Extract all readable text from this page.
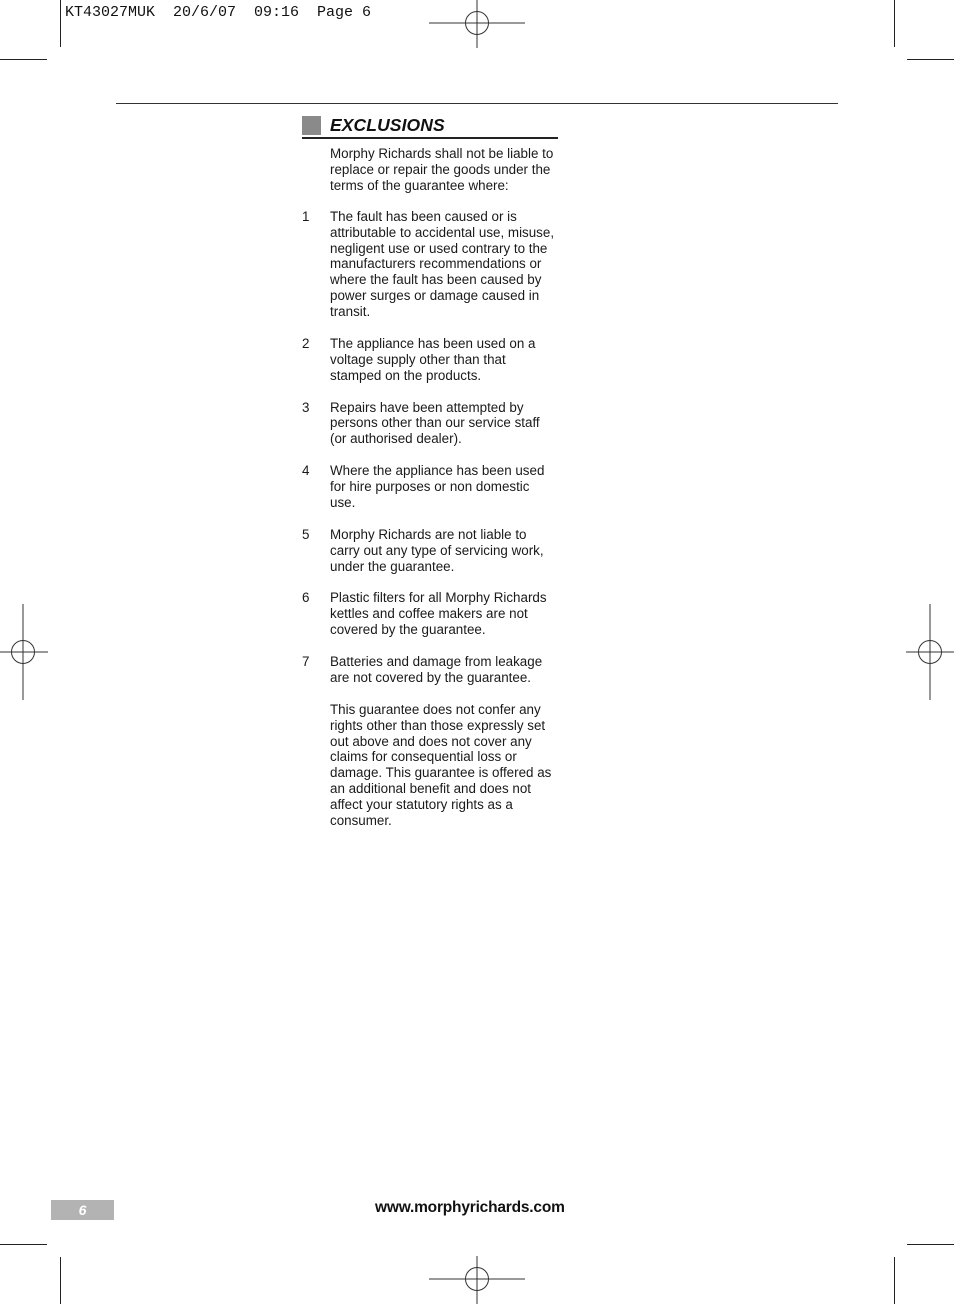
KT43027MUK  20/6/07  09:16  Page 6
EXCLUSIONS
Morphy Richards shall not be liable to replace or repair the goods under the terms of the guarantee where:
1	The fault has been caused or is attributable to accidental use, misuse, negligent use or used contrary to the manufacturers recommendations or where the fault has been caused by power surges or damage caused in transit.
2	The appliance has been used on a voltage supply other than that stamped on the products.
3	Repairs have been attempted by persons other than our service staff (or authorised dealer).
4	Where the appliance has been used for hire purposes or non domestic use.
5	Morphy Richards are not liable to carry out any type of servicing work, under the guarantee.
6	Plastic filters for all Morphy Richards kettles and coffee makers are not covered by the guarantee.
7	Batteries and damage from leakage are not covered by the guarantee.
This guarantee does not confer any rights other than those expressly set out above and does not cover any claims for consequential loss or damage. This guarantee is offered as an additional benefit and does not affect your statutory rights as a consumer.
6	www.morphyrichards.com
